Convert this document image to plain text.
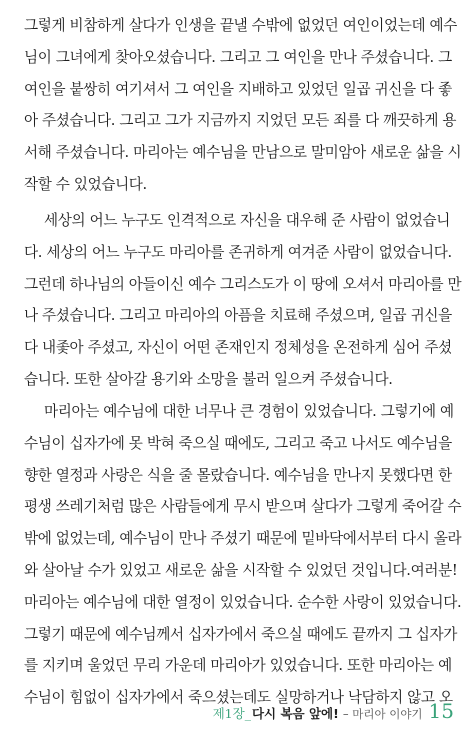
그렇게 비참하게 살다가 인생을 끝낼 수밖에 없었던 여인이었는데 예수
님이 그녀에게 찾아오셨습니다. 그리고 그 여인을 만나 주셨습니다. 그
여인을 붙쌍히 여기셔서 그 여인을 지배하고 있었던 일곱 귀신을 다 좋
아 주셨습니다. 그리고 그가 지금까지 지었던 모든 죄를 다 깨끗하게 용
서해 주셨습니다. 마리아는 예수님을 만남으로 말미암아 새로운 삶을 시
작할 수 있었습니다.
세상의 어느 누구도 인격적으로 자신을 대우해 준 사람이 없었습니
다. 세상의 어느 누구도 마리아를 존귀하게 여겨준 사람이 없었습니다.
그런데 하나님의 아들이신 예수 그리스도가 이 땅에 오셔서 마리아를 만
나 주셨습니다. 그리고 마리아의 아픔을 치료해 주셨으며, 일곱 귀신을
다 내좇아 주셨고, 자신이 어떤 존재인지 정체성을 온전하게 심어 주셨
습니다. 또한 살아갈 용기와 소망을 불러 일으켜 주셨습니다.
마리아는 예수님에 대한 너무나 큰 경험이 있었습니다. 그렇기에 예
수님이 십자가에 못 박혀 죽으실 때에도, 그리고 죽고 나서도 예수님을
향한 열정과 사랑은 식을 줄 몰랐습니다. 예수님을 만나지 못했다면 한
평생 쓰레기처럼 많은 사람들에게 무시 받으며 살다가 그렇게 죽어갈 수
밖에 없었는데, 예수님이 만나 주셨기 때문에 밑바닥에서부터 다시 올라
와 살아날 수가 있었고 새로운 삶을 시작할 수 있었던 것입니다.여러분!
마리아는 예수님에 대한 열정이 있었습니다. 순수한 사랑이 있었습니다.
그렇기 때문에 예수님께서 십자가에서 죽으실 때에도 끝까지 그 십자가
를 지키며 울었던 무리 가운데 마리아가 있었습니다. 또한 마리아는 예
수님이 힘없이 십자가에서 죽으셨는데도 실망하거나 낙담하지 않고 오
제1장 _ 다시 복음 앞에! – 마리아 이야기 15
